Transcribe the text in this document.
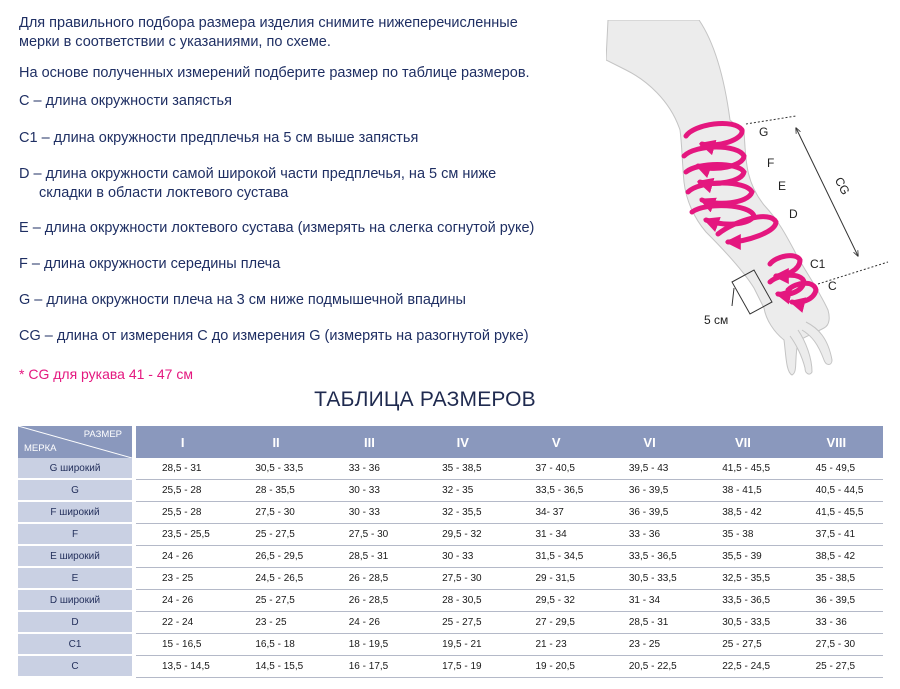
Для правильного подбора размера изделия снимите нижеперечисленные

мерки в соответствии с указаниями, по схеме.

На основе полученных измерений подберите размер по таблице размеров.

C – длина окружности запястья
C1 – длина окружности предплечья на 5 см выше запястья
D – длина окружности самой широкой части предплечья, на 5 см ниже
складки в области локтевого сустава
E – длина окружности локтевого сустава (измерять на слегка согнутой руке)
F – длина окружности середины плеча
G – длина окружности плеча на 3 см ниже подмышечной впадины
CG – длина от измерения C до измерения G (измерять на разогнутой руке)
* CG для рукава 41 - 47 см
G
F
E
D
C1
C
CG
5 см
ТАБЛИЦА РАЗМЕРОВ
РАЗМЕР
МЕРКА	I	II	III	IV	V	VI	VII	VIII
G широкий	28,5 - 31	30,5 - 33,5	33 - 36	35 - 38,5	37 - 40,5	39,5 - 43	41,5 - 45,5	45 - 49,5
G	25,5 - 28	28 - 35,5	30 - 33	32 - 35	33,5 - 36,5	36 - 39,5	38 - 41,5	40,5 - 44,5
F широкий	25,5 - 28	27,5 - 30	30 - 33	32 - 35,5	34- 37	36 - 39,5	38,5 - 42	41,5 - 45,5
F	23,5 - 25,5	25 - 27,5	27,5 - 30	29,5 - 32	31 - 34	33 - 36	35 - 38	37,5 - 41
E широкий	24 - 26	26,5 - 29,5	28,5 - 31	30 - 33	31,5 - 34,5	33,5 - 36,5	35,5 - 39	38,5 - 42
E	23 - 25	24,5 - 26,5	26 - 28,5	27,5 - 30	29 - 31,5	30,5 - 33,5	32,5 - 35,5	35 - 38,5
D широкий	24 - 26	25 - 27,5	26 - 28,5	28 - 30,5	29,5 - 32	31 - 34	33,5 - 36,5	36 - 39,5
D	22 - 24	23 - 25	24 - 26	25 - 27,5	27 - 29,5	28,5 - 31	30,5 - 33,5	33 - 36
C1	15 - 16,5	16,5 - 18	18 - 19,5	19,5 - 21	21 - 23	23 - 25	25 - 27,5	27,5 - 30
C	13,5 - 14,5	14,5 - 15,5	16 - 17,5	17,5 - 19	19 - 20,5	20,5 - 22,5	22,5 - 24,5	25 - 27,5
